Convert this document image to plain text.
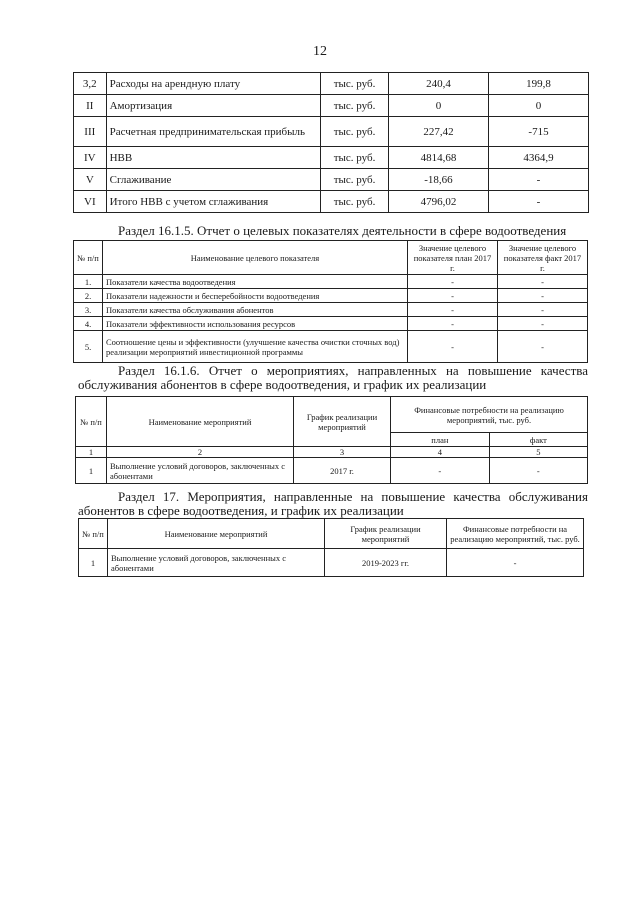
12
3,2	Расходы на арендную плату	тыс. руб.	240,4	199,8
II	Амортизация	тыс. руб.	0	0
III	Расчетная предпринимательская прибыль	тыс. руб.	227,42	-715
IV	НВВ	тыс. руб.	4814,68	4364,9
V	Сглаживание	тыс. руб.	-18,66	-
VI	Итого НВВ с учетом сглаживания	тыс. руб.	4796,02	-
Раздел 16.1.5. Отчет о целевых показателях деятельности в сфере водоотведения
№ п/п	Наименование целевого показателя	Значение целевого показателя план 2017 г.	Значение целевого показателя факт 2017 г.
1.	Показатели качества водоотведения	-	-
2.	Показатели надежности и бесперебойности водоотведения	-	-
3.	Показатели качества обслуживания абонентов	-	-
4.	Показатели эффективности использования ресурсов	-	-
5.	Соотношение цены и эффективности (улучшение качества очистки сточных вод) реализации мероприятий инвестиционной программы	-	-
Раздел 16.1.6. Отчет о мероприятиях, направленных на повышение качества обслуживания абонентов в сфере водоотведения, и график их реализации
№ п/п	Наименование мероприятий	График реализации мероприятий	Финансовые потребности на реализацию мероприятий, тыс. руб.	
			план	факт
1	2	3	4	5
1	Выполнение условий договоров, заключенных с абонентами	2017 г.	-	-
Раздел 17. Мероприятия, направленные на повышение качества обслуживания абонентов в сфере водоотведения, и график их реализации
№ п/п	Наименование мероприятий	График реализации мероприятий	Финансовые потребности на реализацию мероприятий, тыс. руб.
1	Выполнение условий договоров, заключенных с абонентами	2019-2023 гг.	-
